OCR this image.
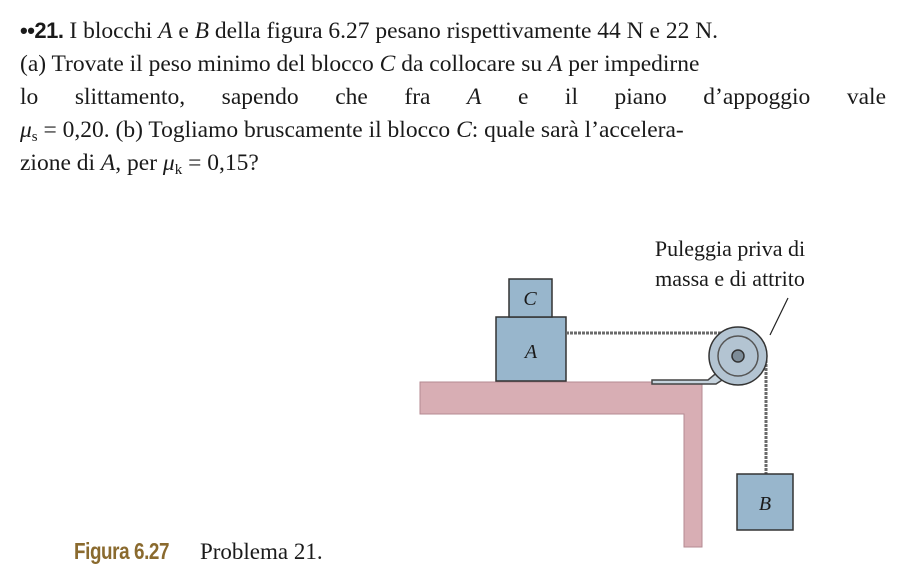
••21. I blocchi A e B della figura 6.27 pesano rispettivamente 44 N e 22 N.
(a) Trovate il peso minimo del blocco C da collocare su A per impedirne
lo slittamento, sapendo che fra A e il piano d’appoggio vale
$\mu_s = 0,20$. (b) Togliamo bruscamente il blocco C: quale sarà l’accelera-
zione di A, per $\mu_k = 0,15$?
A
C
B
Puleggia priva di
massa e di attrito
Figura 6.27 Problema 21.
